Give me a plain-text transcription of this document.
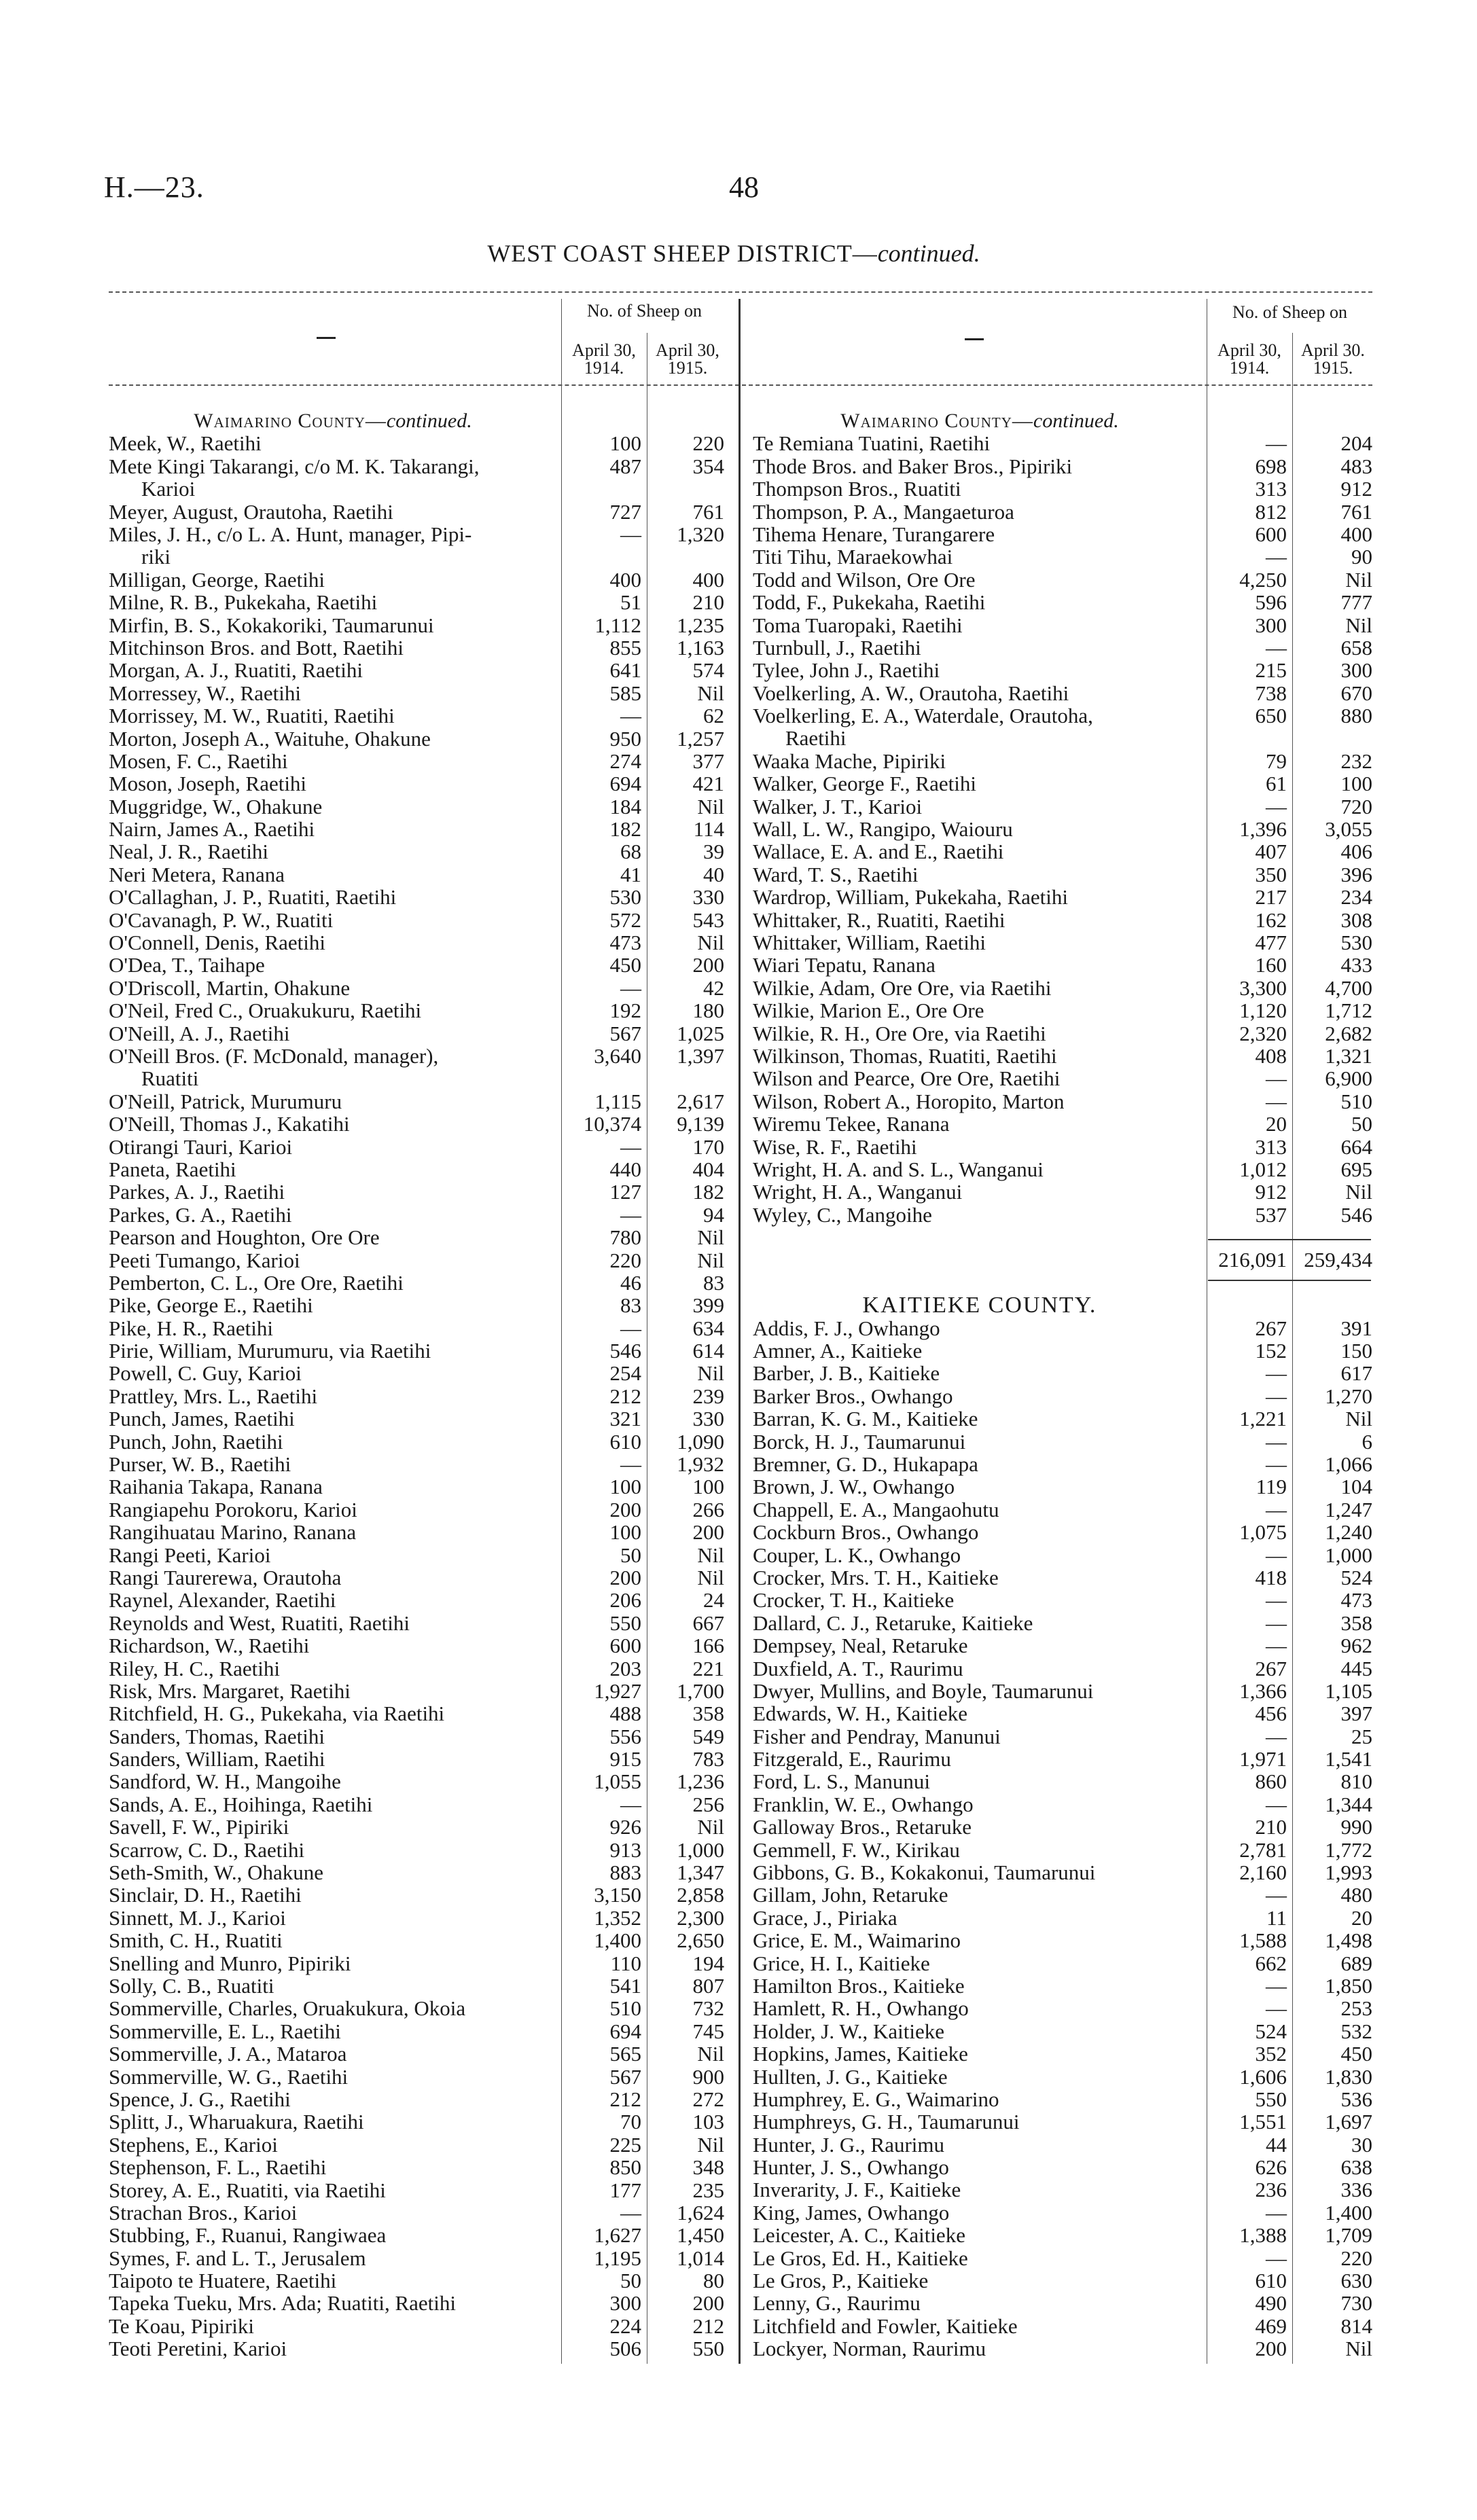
H.—23.	48
WEST COAST SHEEP DISTRICT—continued.
No. of Sheep on
April 30, 1914.
April 30, 1915.
No. of Sheep on
April 30, 1914.
April 30. 1915.
Waimarino County—continued.
Meek, W., Raetihi	100	220
Mete Kingi Takarangi, c/o M. K. Takarangi,
Karioi
487	354
Meyer, August, Orautoha, Raetihi	727	761
Miles, J. H., c/o L. A. Hunt, manager, Pipi-
riki
—	1,320
Milligan, George, Raetihi	400	400
Milne, R. B., Pukekaha, Raetihi	51	210
Mirfin, B. S., Kokakoriki, Taumarunui	1,112	1,235
Mitchinson Bros. and Bott, Raetihi	855	1,163
Morgan, A. J., Ruatiti, Raetihi	641	574
Morressey, W., Raetihi	585	Nil
Morrissey, M. W., Ruatiti, Raetihi	—	62
Morton, Joseph A., Waituhe, Ohakune	950	1,257
Mosen, F. C., Raetihi	274	377
Moson, Joseph, Raetihi	694	421
Muggridge, W., Ohakune	184	Nil
Nairn, James A., Raetihi	182	114
Neal, J. R., Raetihi	68	39
Neri Metera, Ranana	41	40
O'Callaghan, J. P., Ruatiti, Raetihi	530	330
O'Cavanagh, P. W., Ruatiti	572	543
O'Connell, Denis, Raetihi	473	Nil
O'Dea, T., Taihape	450	200
O'Driscoll, Martin, Ohakune	—	42
O'Neil, Fred C., Oruakukuru, Raetihi	192	180
O'Neill, A. J., Raetihi	567	1,025
O'Neill Bros. (F. McDonald, manager),
Ruatiti
3,640	1,397
O'Neill, Patrick, Murumuru	1,115	2,617
O'Neill, Thomas J., Kakatihi	10,374	9,139
Otirangi Tauri, Karioi	—	170
Paneta, Raetihi	440	404
Parkes, A. J., Raetihi	127	182
Parkes, G. A., Raetihi	—	94
Pearson and Houghton, Ore Ore	780	Nil
Peeti Tumango, Karioi	220	Nil
Pemberton, C. L., Ore Ore, Raetihi	46	83
Pike, George E., Raetihi	83	399
Pike, H. R., Raetihi	—	634
Pirie, William, Murumuru, via Raetihi	546	614
Powell, C. Guy, Karioi	254	Nil
Prattley, Mrs. L., Raetihi	212	239
Punch, James, Raetihi	321	330
Punch, John, Raetihi	610	1,090
Purser, W. B., Raetihi	—	1,932
Raihania Takapa, Ranana	100	100
Rangiapehu Porokoru, Karioi	200	266
Rangihuatau Marino, Ranana	100	200
Rangi Peeti, Karioi	50	Nil
Rangi Taurerewa, Orautoha	200	Nil
Raynel, Alexander, Raetihi	206	24
Reynolds and West, Ruatiti, Raetihi	550	667
Richardson, W., Raetihi	600	166
Riley, H. C., Raetihi	203	221
Risk, Mrs. Margaret, Raetihi	1,927	1,700
Ritchfield, H. G., Pukekaha, via Raetihi	488	358
Sanders, Thomas, Raetihi	556	549
Sanders, William, Raetihi	915	783
Sandford, W. H., Mangoihe	1,055	1,236
Sands, A. E., Hoihinga, Raetihi	—	256
Savell, F. W., Pipiriki	926	Nil
Scarrow, C. D., Raetihi	913	1,000
Seth-Smith, W., Ohakune	883	1,347
Sinclair, D. H., Raetihi	3,150	2,858
Sinnett, M. J., Karioi	1,352	2,300
Smith, C. H., Ruatiti	1,400	2,650
Snelling and Munro, Pipiriki	110	194
Solly, C. B., Ruatiti	541	807
Sommerville, Charles, Oruakukura, Okoia	510	732
Sommerville, E. L., Raetihi	694	745
Sommerville, J. A., Mataroa	565	Nil
Sommerville, W. G., Raetihi	567	900
Spence, J. G., Raetihi	212	272
Splitt, J., Wharuakura, Raetihi	70	103
Stephens, E., Karioi	225	Nil
Stephenson, F. L., Raetihi	850	348
Storey, A. E., Ruatiti, via Raetihi	177	235
Strachan Bros., Karioi	—	1,624
Stubbing, F., Ruanui, Rangiwaea	1,627	1,450
Symes, F. and L. T., Jerusalem	1,195	1,014
Taipoto te Huatere, Raetihi	50	80
Tapeka Tueku, Mrs. Ada; Ruatiti, Raetihi	300	200
Te Koau, Pipiriki	224	212
Teoti Peretini, Karioi	506	550
Waimarino County—continued.
Te Remiana Tuatini, Raetihi	—	204
Thode Bros. and Baker Bros., Pipiriki	698	483
Thompson Bros., Ruatiti	313	912
Thompson, P. A., Mangaeturoa	812	761
Tihema Henare, Turangarere	600	400
Titi Tihu, Maraekowhai	—	90
Todd and Wilson, Ore Ore	4,250	Nil
Todd, F., Pukekaha, Raetihi	596	777
Toma Tuaropaki, Raetihi	300	Nil
Turnbull, J., Raetihi	—	658
Tylee, John J., Raetihi	215	300
Voelkerling, A. W., Orautoha, Raetihi	738	670
Voelkerling, E. A., Waterdale, Orautoha,
Raetihi
650	880
Waaka Mache, Pipiriki	79	232
Walker, George F., Raetihi	61	100
Walker, J. T., Karioi	—	720
Wall, L. W., Rangipo, Waiouru	1,396	3,055
Wallace, E. A. and E., Raetihi	407	406
Ward, T. S., Raetihi	350	396
Wardrop, William, Pukekaha, Raetihi	217	234
Whittaker, R., Ruatiti, Raetihi	162	308
Whittaker, William, Raetihi	477	530
Wiari Tepatu, Ranana	160	433
Wilkie, Adam, Ore Ore, via Raetihi	3,300	4,700
Wilkie, Marion E., Ore Ore	1,120	1,712
Wilkie, R. H., Ore Ore, via Raetihi	2,320	2,682
Wilkinson, Thomas, Ruatiti, Raetihi	408	1,321
Wilson and Pearce, Ore Ore, Raetihi	—	6,900
Wilson, Robert A., Horopito, Marton	—	510
Wiremu Tekee, Ranana	20	50
Wise, R. F., Raetihi	313	664
Wright, H. A. and S. L., Wanganui	1,012	695
Wright, H. A., Wanganui	912	Nil
Wyley, C., Mangoihe	537	546
216,091 259,434
KAITIEKE COUNTY.
Addis, F. J., Owhango	267	391
Amner, A., Kaitieke	152	150
Barber, J. B., Kaitieke	—	617
Barker Bros., Owhango	—	1,270
Barran, K. G. M., Kaitieke	1,221	Nil
Borck, H. J., Taumarunui	—	6
Bremner, G. D., Hukapapa	—	1,066
Brown, J. W., Owhango	119	104
Chappell, E. A., Mangaohutu	—	1,247
Cockburn Bros., Owhango	1,075	1,240
Couper, L. K., Owhango	—	1,000
Crocker, Mrs. T. H., Kaitieke	418	524
Crocker, T. H., Kaitieke	—	473
Dallard, C. J., Retaruke, Kaitieke	—	358
Dempsey, Neal, Retaruke	—	962
Duxfield, A. T., Raurimu	267	445
Dwyer, Mullins, and Boyle, Taumarunui	1,366	1,105
Edwards, W. H., Kaitieke	456	397
Fisher and Pendray, Manunui	—	25
Fitzgerald, E., Raurimu	1,971	1,541
Ford, L. S., Manunui	860	810
Franklin, W. E., Owhango	—	1,344
Galloway Bros., Retaruke	210	990
Gemmell, F. W., Kirikau	2,781	1,772
Gibbons, G. B., Kokakonui, Taumarunui	2,160	1,993
Gillam, John, Retaruke	—	480
Grace, J., Piriaka	11	20
Grice, E. M., Waimarino	1,588	1,498
Grice, H. I., Kaitieke	662	689
Hamilton Bros., Kaitieke	—	1,850
Hamlett, R. H., Owhango	—	253
Holder, J. W., Kaitieke	524	532
Hopkins, James, Kaitieke	352	450
Hullten, J. G., Kaitieke	1,606	1,830
Humphrey, E. G., Waimarino	550	536
Humphreys, G. H., Taumarunui	1,551	1,697
Hunter, J. G., Raurimu	44	30
Hunter, J. S., Owhango	626	638
Inverarity, J. F., Kaitieke	236	336
King, James, Owhango	—	1,400
Leicester, A. C., Kaitieke	1,388	1,709
Le Gros, Ed. H., Kaitieke	—	220
Le Gros, P., Kaitieke	610	630
Lenny, G., Raurimu	490	730
Litchfield and Fowler, Kaitieke	469	814
Lockyer, Norman, Raurimu	200	Nil
